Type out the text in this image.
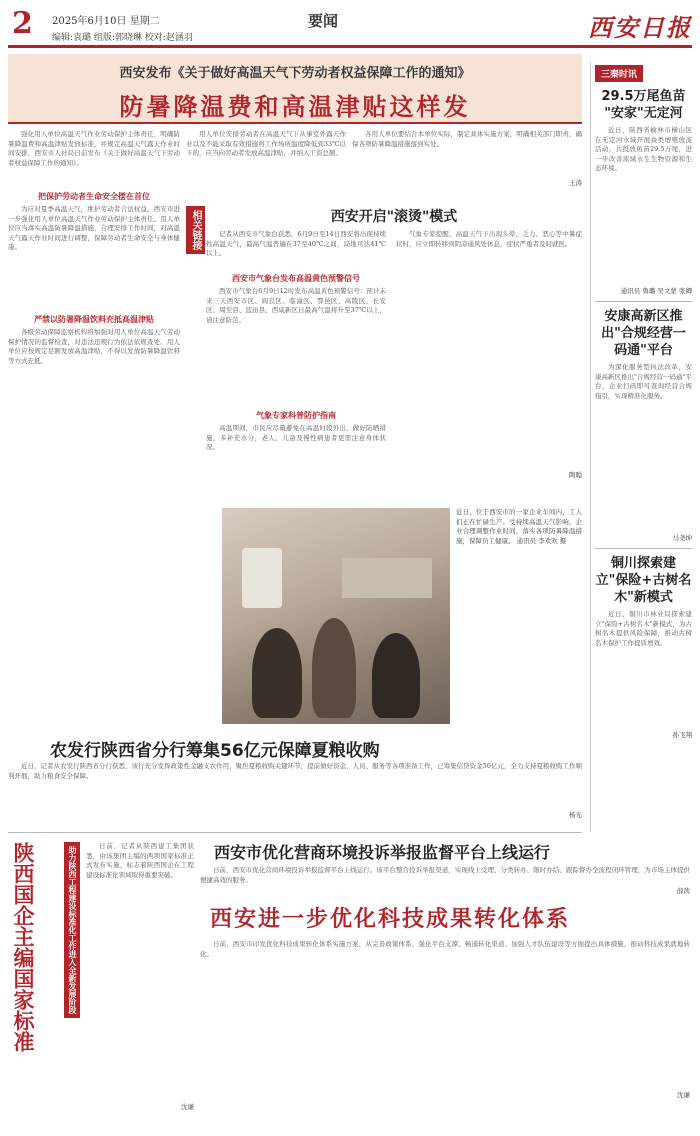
2 2025年6月10日 星期二
编辑:袁璐 组版:郭晓琳 校对:赵涵羽
要闻	西安日报
西安发布《关于做好高温天气下劳动者权益保障工作的通知》
防暑降温费和高温津贴这样发

强化用人单位高温天气作业劳动保护主体责任，明确防暑降温费和高温津贴发放标准，并规定高温天气露天作业时间安排，西安市人社局日前发布《关于做好高温天气下劳动者权益保障工作的通知》。

把保护劳动者生命安全摆在首位

为应对夏季高温天气，维护劳动者合法权益，西安市进一步强化用人单位高温天气作业劳动保护主体责任。用人单位应当落实高温防暑降温措施，合理安排工作时间，对高温天气露天作业时间进行调整，保障劳动者生命安全与身体健康。

严禁以防暑降温饮料充抵高温津贴

各级劳动保障监察机构将加强对用人单位高温天气劳动保护情况的监督检查，对违法违规行为依法依规查处。用人单位应按规定足额发放高温津贴，不得以发放防暑降温饮料等方式充抵。

用人单位安排劳动者在高温天气下从事室外露天作业以及不能采取有效措施将工作场所温度降低到33℃以下的，应当向劳动者发放高温津贴，并纳入工资总额。

各用人单位要结合本单位实际，制定具体实施方案，明确相关部门职责，确保各项防暑降温措施落到实处。

王涛

相关链接	西安开启"滚烫"模式

记者从西安市气象台获悉，6月9日至14日西安将出现持续性高温天气，最高气温普遍在37至40℃之间，局地可达41℃以上。

西安市气象台发布高温黄色预警信号

西安市气象台6月9日12时发布高温黄色预警信号：预计未来三天西安市区、阎良区、临潼区、鄠邑区、高陵区、长安区、周至县、蓝田县、西咸新区日最高气温将升至37℃以上，请注意防范。

气象专家科普防护指南

高温期间，市民应尽量避免在高温时段外出，做好防晒措施，多补充水分，老人、儿童及慢性病患者更需注意身体状况。

气象专家提醒，高温天气下出现头晕、乏力、恶心等中暑症状时，应立即转移到阴凉通风处休息，症状严重者及时就医。

陶聪

近日，位于西安市的一家企业车间内，工人们正在忙碌生产。受持续高温天气影响，企业合理调整作业时间，落实各项防暑降温措施，保障员工健康。 通讯员 李欢欢 摄
农发行陕西省分行筹集56亿元保障夏粮收购

近日，记者从农发行陕西省分行获悉，该行充分发挥政策性金融支农作用，聚焦夏粮收购关键环节，提前做好资金、人员、服务等各项准备工作，已筹集信贷资金56亿元，全力支持夏粮收购工作顺利开展，助力粮食安全保障。

杨光

助力陕西工程建设标准化工作进入全新发展阶段
陕西国企主编国家标准	日前，记者从陕西建工集团获悉，由该集团主编的两项国家标准正式发布实施，标志着陕西国企在工程建设标准化领域取得重要突破。

沈谦

西安市优化营商环境投诉举报监督平台上线运行

日前，西安市优化营商环境投诉举报监督平台上线运行。该平台整合投诉举报渠道，实现线上受理、分类转办、限时办结、跟踪督办全流程闭环管理，为市场主体提供便捷高效的服务。

薛茜

西安进一步优化科技成果转化体系

日前，西安市印发优化科技成果转化体系实施方案，从完善政策体系、强化平台支撑、畅通转化渠道、加强人才队伍建设等方面提出具体措施，推动科技成果就地转化。

沈谦

三秦时讯
29.5万尾鱼苗
"安家"无定河

近日，陕西省榆林市横山区在无定河水域开展鱼类增殖放流活动，共投放鱼苗29.5万尾，进一步改善流域水生生物资源和生态环境。

通讯员 鲁璐 吴文蒙 张卿

安康高新区推出"合规经营一码通"平台

为深化服务型执法改革，安康高新区推出"合规经营一码通"平台，企业扫码即可查询经营合规指引，实现精准化服务。

马尧坤

铜川探索建立"保险+古树名木"新模式

近日，铜川市林业局探索建立"保险+古树名木"新模式，为古树名木提供风险保障，推动古树名木保护工作提质增效。

孙飞翔
